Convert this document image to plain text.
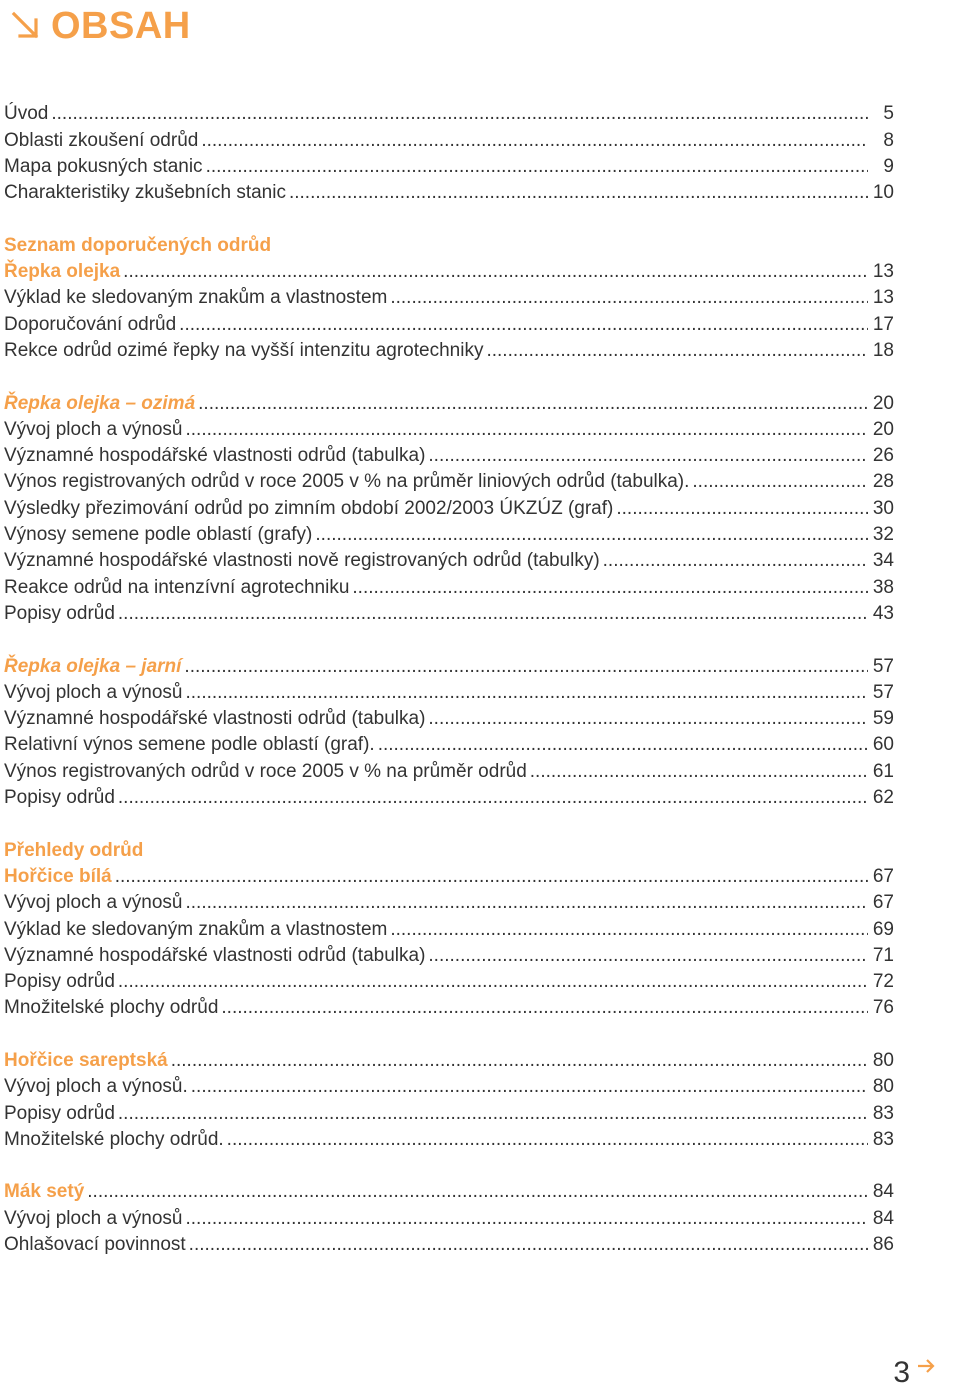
OBSAH
Úvod .....	5
Oblasti zkoušení odrůd .....	8
Mapa pokusných stanic .....	9
Charakteristiky zkušebních stanic .....	10
Seznam doporučených odrůd
Řepka olejka .....	13
Výklad ke sledovaným znakům a vlastnostem .....	13
Doporučování odrůd .....	17
Rekce odrůd ozimé řepky na vyšší intenzitu agrotechniky .....	18
Řepka olejka – ozimá .....	20
Vývoj ploch a výnosů .....	20
Významné hospodářské vlastnosti odrůd (tabulka) .....	26
Výnos registrovaných odrůd v roce 2005 v % na průměr liniových odrůd (tabulka). .....	28
Výsledky přezimování odrůd po zimním období 2002/2003 ÚKZÚZ (graf) .....	30
Výnosy semene podle oblastí (grafy) .....	32
Významné hospodářské vlastnosti nově registrovaných odrůd (tabulky) .....	34
Reakce odrůd na intenzívní agrotechniku .....	38
Popisy odrůd .....	43
Řepka olejka – jarní .....	57
Vývoj ploch a výnosů .....	57
Významné hospodářské vlastnosti odrůd (tabulka) .....	59
Relativní výnos semene podle oblastí (graf). .....	60
Výnos registrovaných odrůd v roce 2005 v % na průměr odrůd .....	61
Popisy odrůd .....	62
Přehledy odrůd
Hořčice bílá .....	67
Vývoj ploch a výnosů .....	67
Výklad ke sledovaným znakům a vlastnostem .....	69
Významné hospodářské vlastnosti odrůd (tabulka) .....	71
Popisy odrůd .....	72
Množitelské plochy odrůd .....	76
Hořčice sareptská .....	80
Vývoj ploch a výnosů. .....	80
Popisy odrůd .....	83
Množitelské plochy odrůd. .....	83
Mák setý .....	84
Vývoj ploch a výnosů .....	84
Ohlašovací povinnost .....	86
3
